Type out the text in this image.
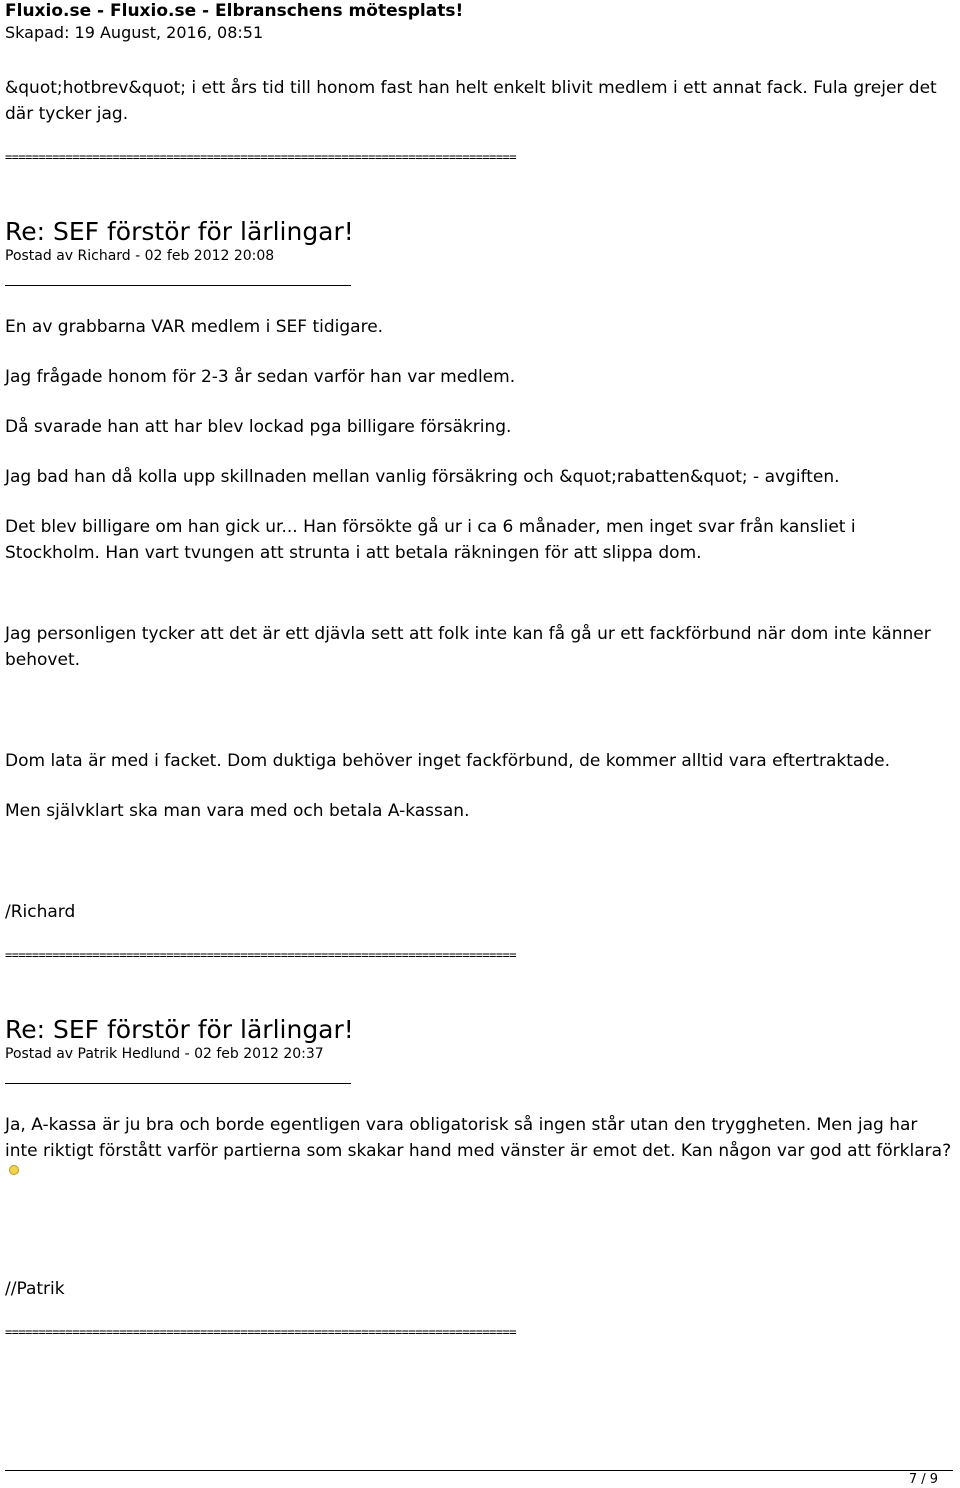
Fluxio.se - Fluxio.se - Elbranschens mötesplats!
Skapad: 19 August, 2016, 08:51

&quot;hotbrev&quot; i ett års tid till honom fast han helt enkelt blivit medlem i ett annat fack. Fula grejer det där tycker jag.

============================================================================
Re: SEF förstör för lärlingar!
Postad av Richard - 02 feb 2012 20:08

En av grabbarna VAR medlem i SEF tidigare.

Jag frågade honom för 2-3 år sedan varför han var medlem.

Då svarade han att har blev lockad pga billigare försäkring.

Jag bad han då kolla upp skillnaden mellan vanlig försäkring och &quot;rabatten&quot; - avgiften.

Det blev billigare om han gick ur... Han försökte gå ur i ca 6 månader, men inget svar från kansliet i Stockholm. Han vart tvungen att strunta i att betala räkningen för att slippa dom.

Jag personligen tycker att det är ett djävla sett att folk inte kan få gå ur ett fackförbund när dom inte känner behovet.

Dom lata är med i facket. Dom duktiga behöver inget fackförbund, de kommer alltid vara eftertraktade.

Men självklart ska man vara med och betala A-kassan.

/Richard

============================================================================
Re: SEF förstör för lärlingar!
Postad av Patrik Hedlund - 02 feb 2012 20:37

Ja, A-kassa är ju bra och borde egentligen vara obligatorisk så ingen står utan den tryggheten. Men jag har inte riktigt förstått varför partierna som skakar hand med vänster är emot det. Kan någon var god att förklara?

//Patrik

============================================================================
7 / 9
